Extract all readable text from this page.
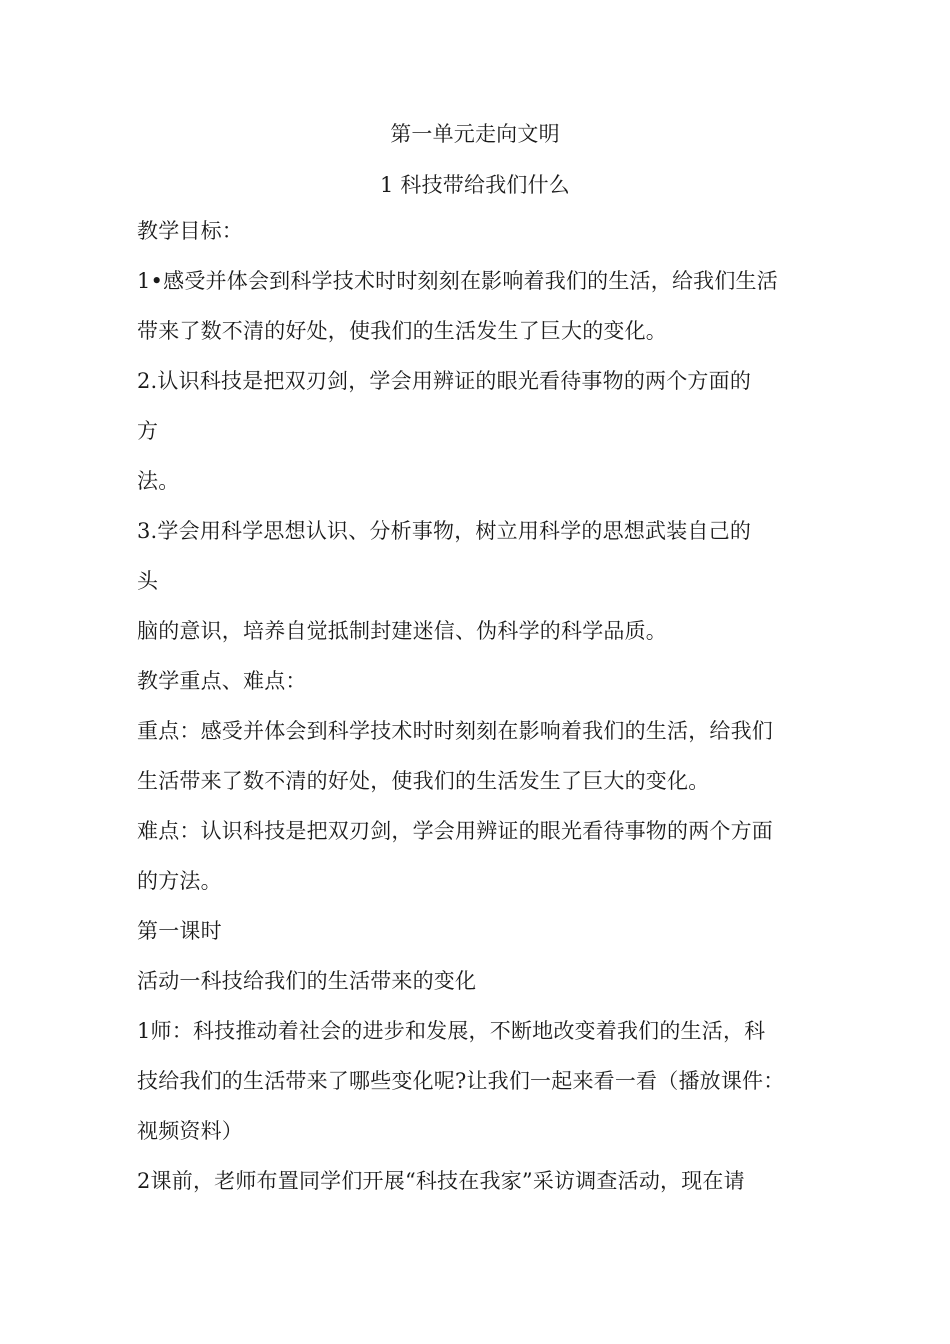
第一单元走向文明
1 科技带给我们什么
教学目标：
1•感受并体会到科学技术时时刻刻在影响着我们的生活，给我们生活
带来了数不清的好处，使我们的生活发生了巨大的变化。
2.认识科技是把双刃剑，学会用辨证的眼光看待事物的两个方面的
方
法。
3.学会用科学思想认识、分析事物，树立用科学的思想武装自己的
头
脑的意识，培养自觉抵制封建迷信、伪科学的科学品质。
教学重点、难点：
重点：感受并体会到科学技术时时刻刻在影响着我们的生活，给我们
生活带来了数不清的好处，使我们的生活发生了巨大的变化。
难点：认识科技是把双刃剑，学会用辨证的眼光看待事物的两个方面
的方法。
第一课时
活动一科技给我们的生活带来的变化
1师：科技推动着社会的进步和发展，不断地改变着我们的生活，科
技给我们的生活带来了哪些变化呢?让我们一起来看一看（播放课件：
视频资料）
2课前，老师布置同学们开展“科技在我家”采访调查活动，现在请
